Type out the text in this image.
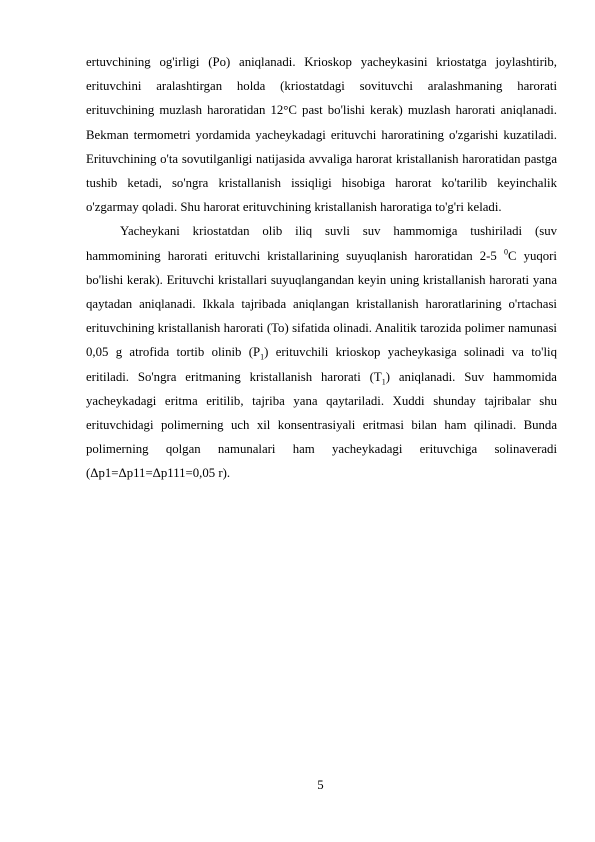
ertuvchining og'irligi (Po) aniqlanadi. Krioskop yacheykasini kriostatga joylashtirib, erituvchini aralashtirgan holda (kriostatdagi sovituvchi aralashmaning harorati erituvchining muzlash haroratidan 12°C past bo'lishi kerak) muzlash harorati aniqlanadi. Bekman termometri yordamida yacheykadagi erituvchi haroratining o'zgarishi kuzatiladi. Erituvchining o'ta sovutilganligi natijasida avvaliga harorat kristallanish haroratidan pastga tushib ketadi, so'ngra kristallanish issiqligi hisobiga harorat ko'tarilib keyinchalik o'zgarmay qoladi. Shu harorat erituvchining kristallanish haroratiga to'g'ri keladi.

Yacheykani kriostatdan olib iliq suvli suv hammomiga tushiriladi (suv hammomining harorati erituvchi kristallarining suyuqlanish haroratidan 2-5 $^0$C yuqori bo'lishi kerak). Erituvchi kristallari suyuqlangandan keyin uning kristallanish harorati yana qaytadan aniqlanadi. Ikkala tajribada aniqlangan kristallanish haroratlarining o'rtachasi erituvchining kristallanish harorati (To) sifatida olinadi. Analitik tarozida polimer namunasi 0,05 g atrofida tortib olinib $(P_1)$ erituvchili krioskop yacheykasiga solinadi va to'liq eritiladi. So'ngra eritmaning kristallanish harorati $(T_1)$ aniqlanadi. Suv hammomida yacheykadagi eritma eritilib, tajriba yana qaytariladi. Xuddi shunday tajribalar shu erituvchidagi polimerning uch xil konsentrasiyali eritmasi bilan ham qilinadi. Bunda polimerning qolgan namunalari ham yacheykadagi erituvchiga solinaveradi (Δp1=Δp11=Δp111=0,05 r).

5
